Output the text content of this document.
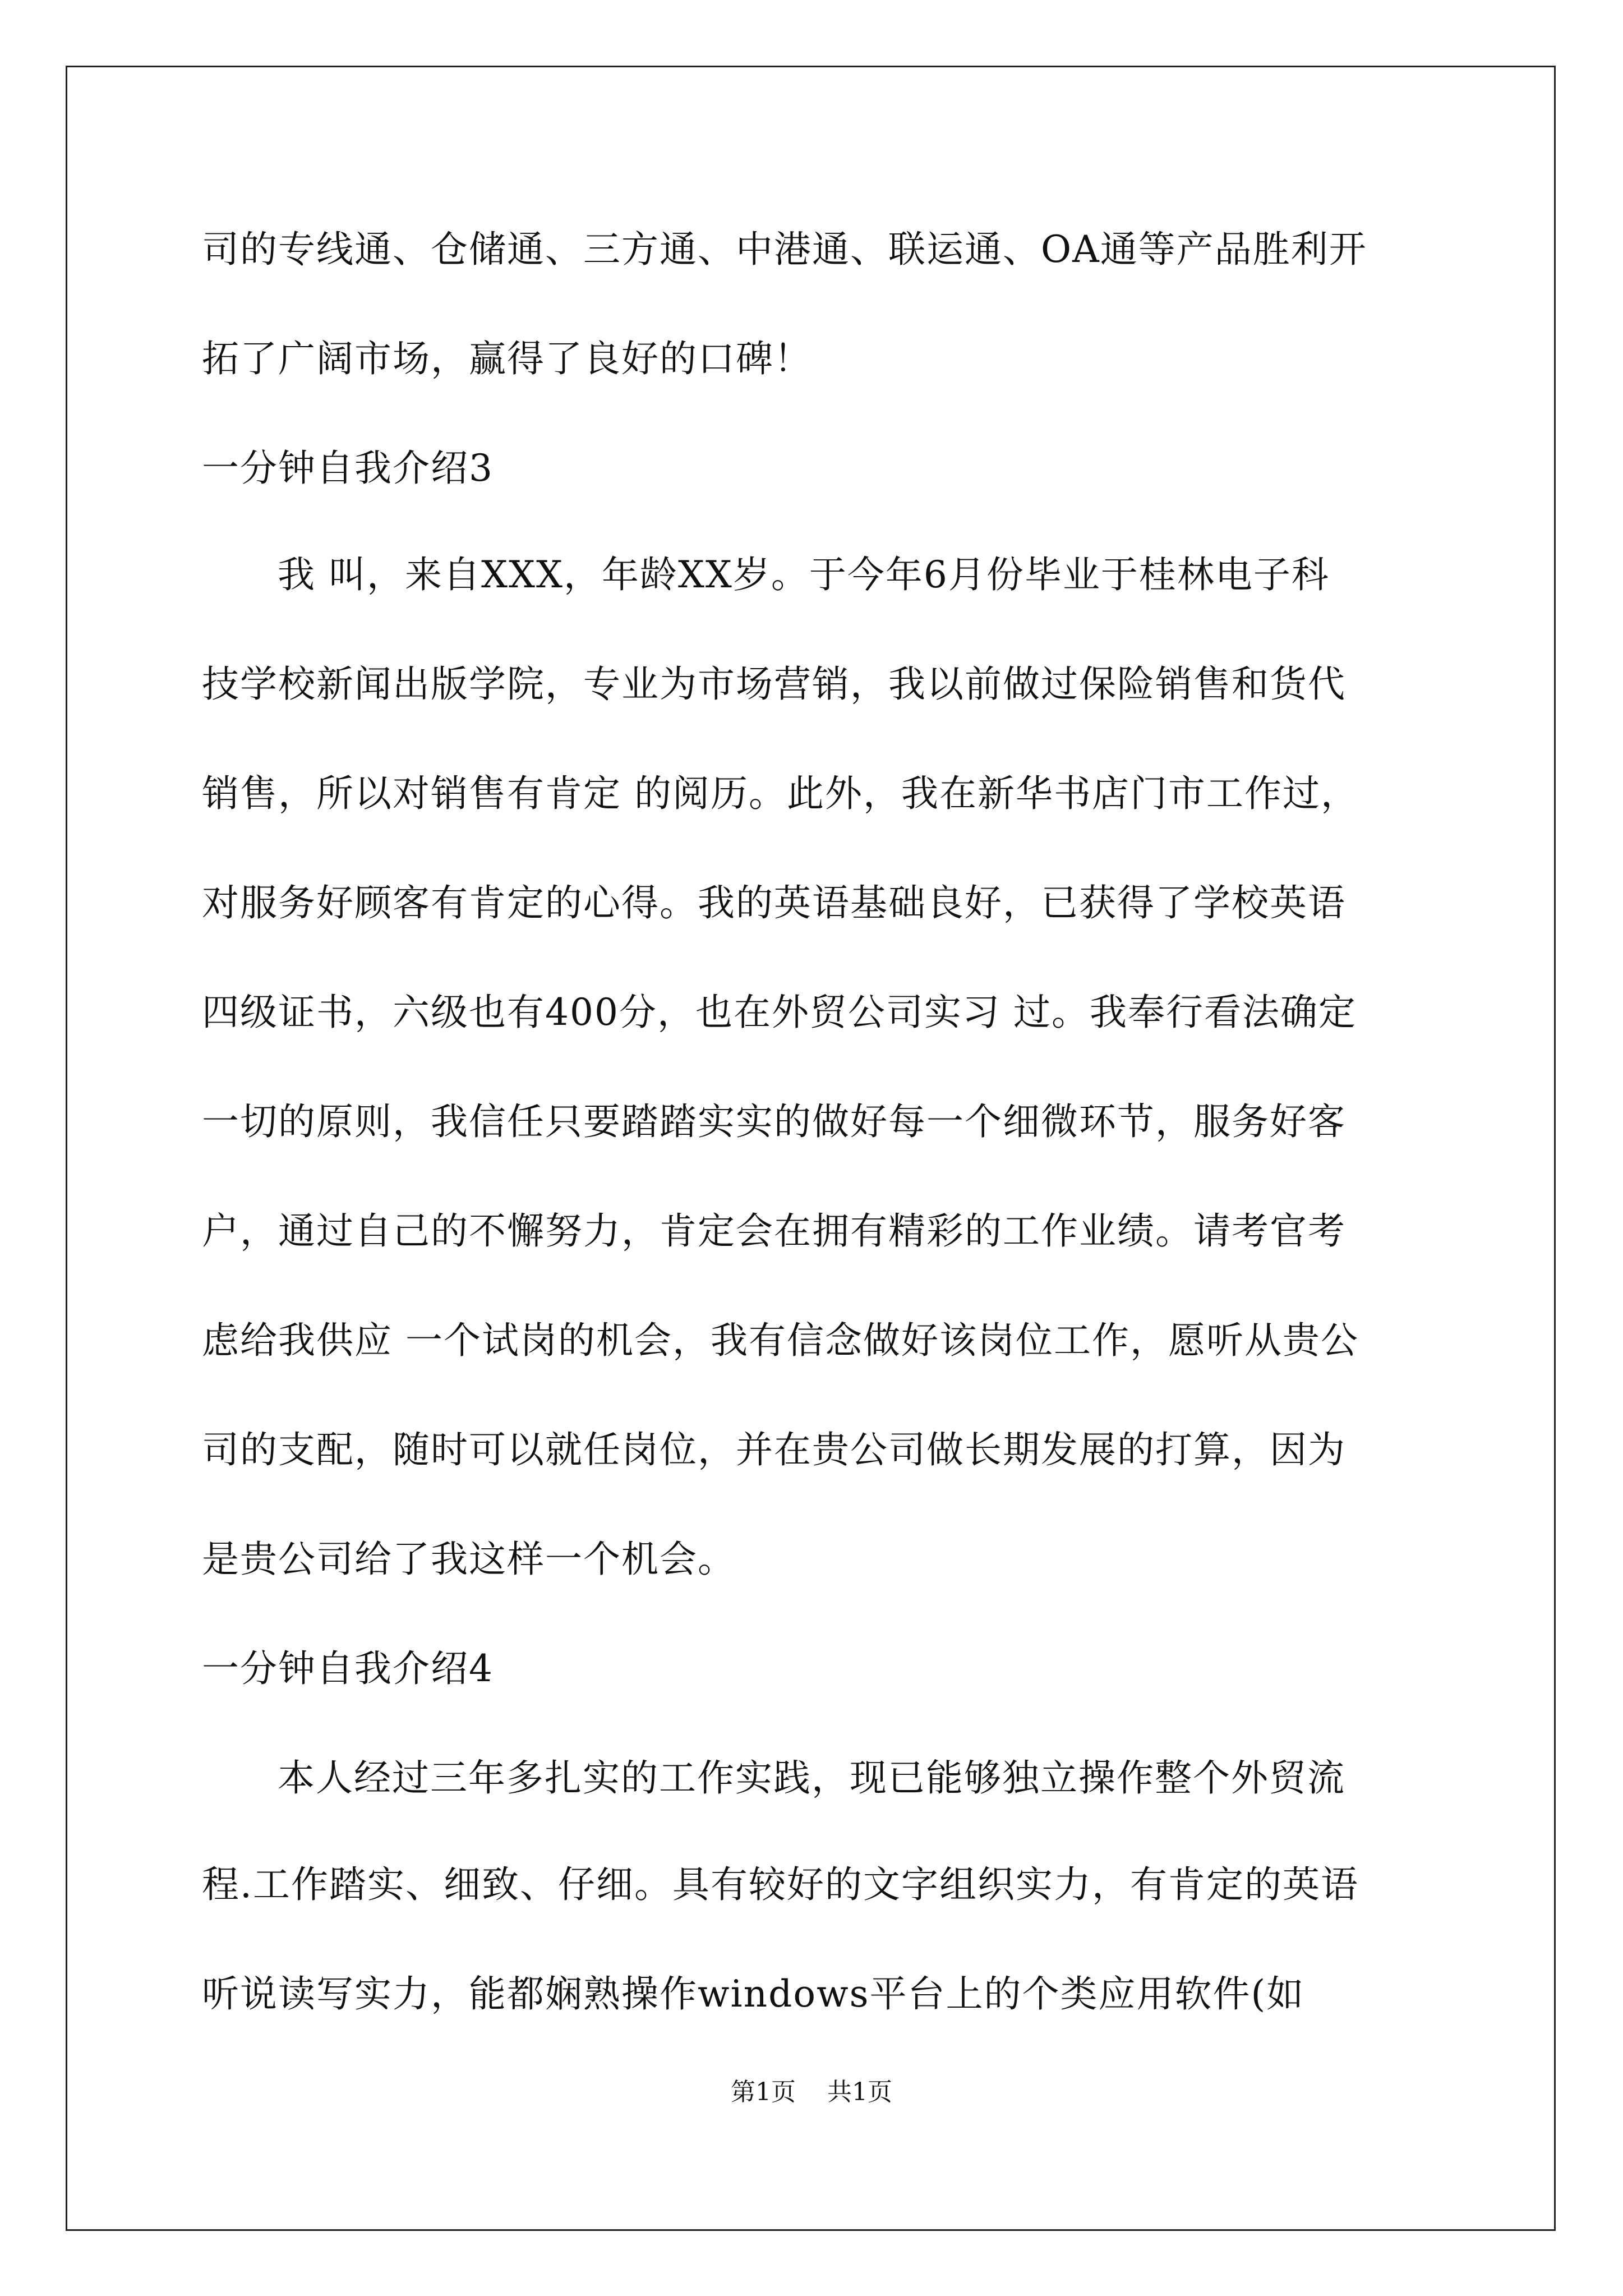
司的专线通、仓储通、三方通、中港通、联运通、OA通等产品胜利开
拓了广阔市场，赢得了良好的口碑！
一分钟自我介绍3
我 叫，来自XXX，年龄XX岁。于今年6月份毕业于桂林电子科
技学校新闻出版学院，专业为市场营销，我以前做过保险销售和货代
销售，所以对销售有肯定 的阅历。此外，我在新华书店门市工作过，
对服务好顾客有肯定的心得。我的英语基础良好，已获得了学校英语
四级证书，六级也有400分，也在外贸公司实习 过。我奉行看法确定
一切的原则，我信任只要踏踏实实的做好每一个细微环节，服务好客
户，通过自己的不懈努力，肯定会在拥有精彩的工作业绩。请考官考
虑给我供应 一个试岗的机会，我有信念做好该岗位工作，愿听从贵公
司的支配，随时可以就任岗位，并在贵公司做长期发展的打算，因为
是贵公司给了我这样一个机会。
一分钟自我介绍4
本人经过三年多扎实的工作实践，现已能够独立操作整个外贸流
程.工作踏实、细致、仔细。具有较好的文字组织实力，有肯定的英语
听说读写实力，能都娴熟操作windows平台上的个类应用软件(如
第1页 共1页
